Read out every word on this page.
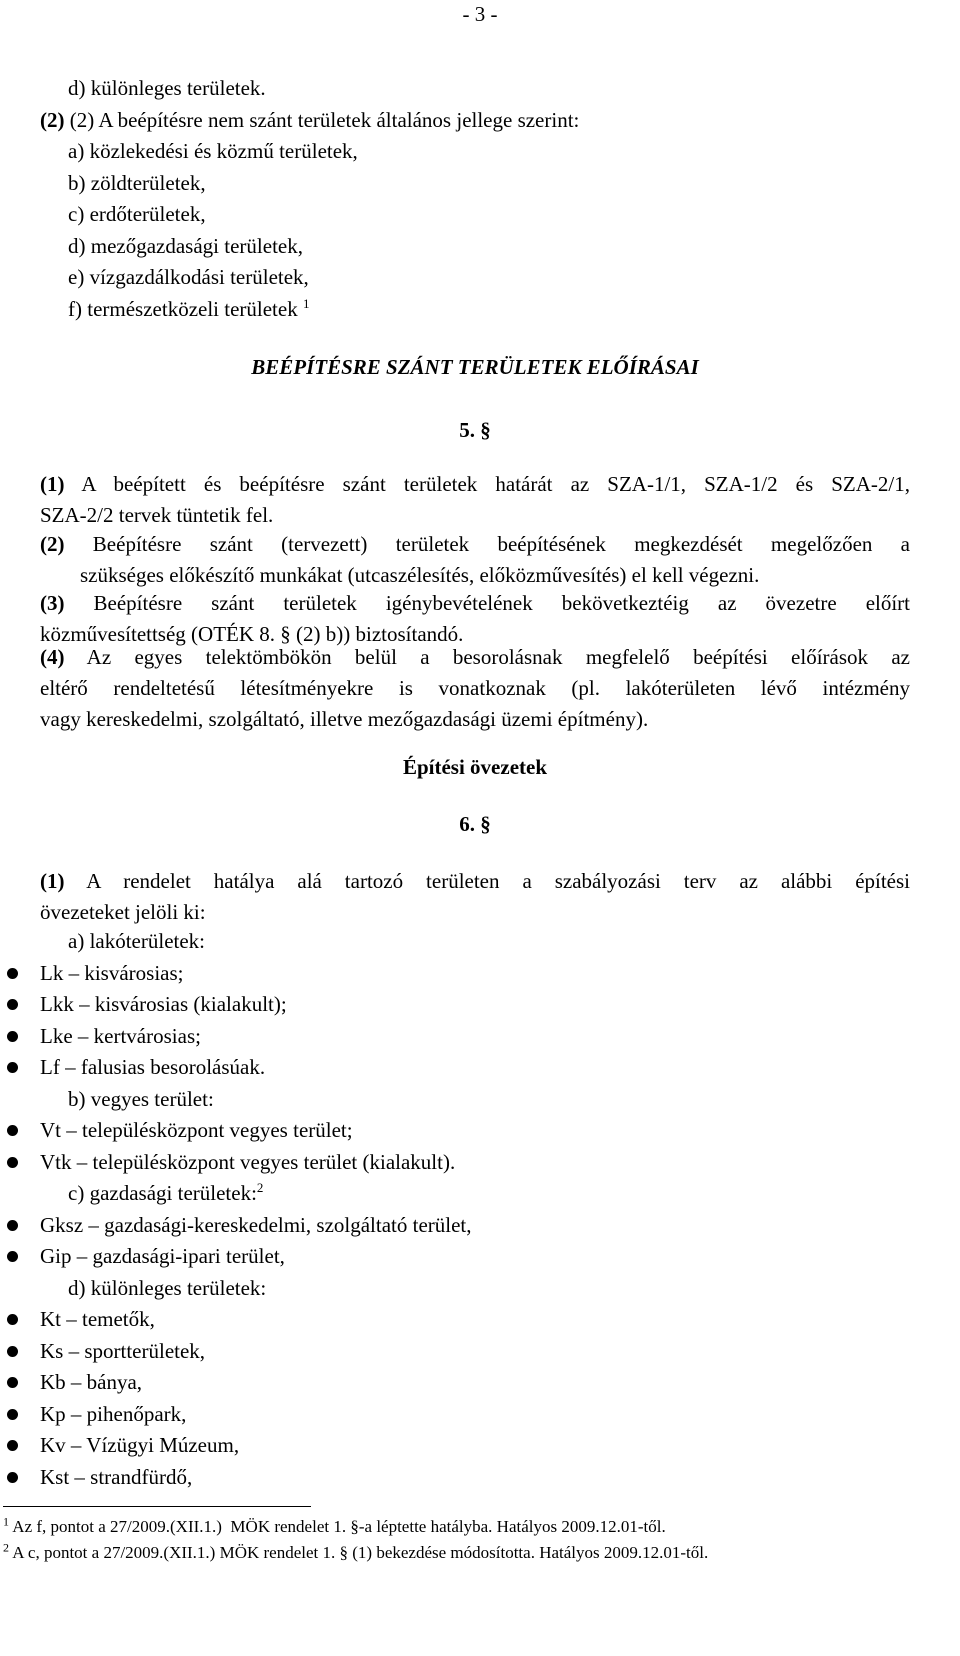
- 3 -
d) különleges területek.
(2) (2) A beépítésre nem szánt területek általános jellege szerint:
a) közlekedési és közmű területek,
b) zöldterületek,
c) erdőterületek,
d) mezőgazdasági területek,
e) vízgazdálkodási területek,
f) természetközeli területek $^1$
BEÉPÍTÉSRE SZÁNT TERÜLETEK ELŐÍRÁSAI
5. §
(1) A beépített és beépítésre szánt területek határát az SZA-1/1, SZA-1/2 és SZA-2/1,
SZA-2/2 tervek tüntetik fel.
(2) Beépítésre szánt (tervezett) területek beépítésének megkezdését megelőzően a
szükséges előkészítő munkákat (utcaszélesítés, előközművesítés) el kell végezni.
(3) Beépítésre szánt területek igénybevételének bekövetkeztéig az övezetre előírt
közművesítettség (OTÉK 8. § (2) b)) biztosítandó.
(4) Az egyes telektömbökön belül a besorolásnak megfelelő beépítési előírások az
eltérő rendeltetésű létesítményekre is vonatkoznak (pl. lakóterületen lévő intézmény
vagy kereskedelmi, szolgáltató, illetve mezőgazdasági üzemi építmény).
Építési övezetek
6. §
(1) A rendelet hatálya alá tartozó területen a szabályozási terv az alábbi építési
övezeteket jelöli ki:
a) lakóterületek:
Lk – kisvárosias;
Lkk – kisvárosias (kialakult);
Lke – kertvárosias;
Lf – falusias besorolásúak.
b) vegyes terület:
Vt – településközpont vegyes terület;
Vtk – településközpont vegyes terület (kialakult).
c) gazdasági területek:$^2$
Gksz – gazdasági-kereskedelmi, szolgáltató terület,
Gip – gazdasági-ipari terület,
d) különleges területek:
Kt – temetők,
Ks – sportterületek,
Kb – bánya,
Kp – pihenőpark,
Kv – Vízügyi Múzeum,
Kst – strandfürdő,
$^1$ Az f, pontot a 27/2009.(XII.1.)  MÖK rendelet 1. §-a léptette hatályba. Hatályos 2009.12.01-től.
$^2$ A c, pontot a 27/2009.(XII.1.) MÖK rendelet 1. § (1) bekezdése módosította. Hatályos 2009.12.01-től.
